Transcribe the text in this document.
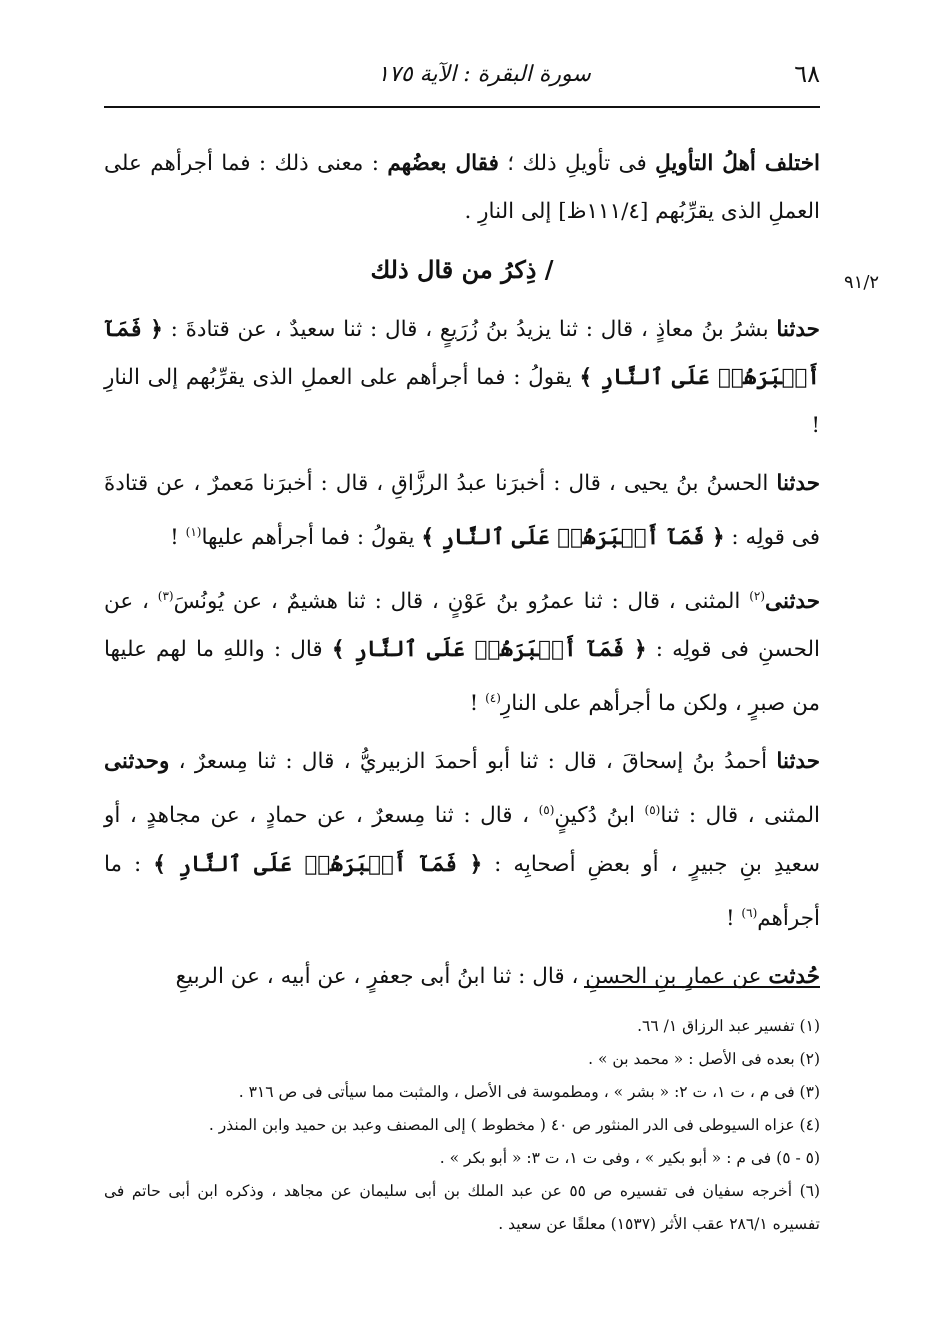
٦٨
سورة البقرة : الآية ١٧٥
٩١/٢

اختلف أهلُ التأويلِ فى تأويلِ ذلك ؛ فقال بعضُهم : معنى ذلك : فما أجرأهم على العملِ الذى يقرِّبُهم [١١١/٤ظ] إلى النارِ .

/ ذِكرُ من قال ذلك

حدثنا بشرُ بنُ معاذٍ ، قال : ثنا يزيدُ بنُ زُرَيعٍ ، قال : ثنا سعيدٌ ، عن قتادةَ : ﴿ فَمَآ أَصۡبَرَهُمۡ عَلَى ٱلنَّارِ ﴾ يقولُ : فما أجرأهم على العملِ الذى يقرِّبُهم إلى النارِ !

حدثنا الحسنُ بنُ يحيى ، قال : أخبرَنا عبدُ الرزَّاقِ ، قال : أخبرَنا مَعمرٌ ، عن قتادةَ فى قولِه : ﴿ فَمَآ أَصۡبَرَهُمۡ عَلَى ٱلنَّارِ ﴾ يقولُ : فما أجرأهم عليها$^{(١)}$ !

حدثنى$^{(٢)}$ المثنى ، قال : ثنا عمرُو بنُ عَوْنٍ ، قال : ثنا هشيمٌ ، عن يُونُسَ$^{(٣)}$ ، عن الحسنِ فى قولِه : ﴿ فَمَآ أَصۡبَرَهُمۡ عَلَى ٱلنَّارِ ﴾ قال : واللهِ ما لهم عليها من صبرٍ ، ولكن ما أجرأهم على النارِ$^{(٤)}$ !

حدثنا أحمدُ بنُ إسحاقَ ، قال : ثنا أبو أحمدَ الزبيريُّ ، قال : ثنا مِسعرٌ ، وحدثنى المثنى ، قال : ثنا$^{(٥)}$ ابنُ دُكينٍ$^{(٥)}$ ، قال : ثنا مِسعرٌ ، عن حمادٍ ، عن مجاهدٍ ، أو سعيدِ بنِ جبيرٍ ، أو بعضِ أصحابِه : ﴿ فَمَآ أَصۡبَرَهُمۡ عَلَى ٱلنَّارِ ﴾ : ما أجرأهم$^{(٦)}$ !

حُدثت عن عمارِ بنِ الحسنِ ، قال : ثنا ابنُ أبى جعفرٍ ، عن أبيه ، عن الربيعِ

(١) تفسير عبد الرزاق ١/ ٦٦.

(٢) بعده فى الأصل : « محمد بن » .

(٣) فى م ، ت ١، ت ٢: « بشر » ، ومطموسة فى الأصل ، والمثبت مما سيأتى فى ص ٣١٦ .

(٤) عزاه السيوطى فى الدر المنثور ص ٤٠ ( مخطوط ) إلى المصنف وعبد بن حميد وابن المنذر .

(٥ - ٥) فى م : « أبو بكير » ، وفى ت ١، ت ٣: « أبو بكر » .

(٦) أخرجه سفيان فى تفسيره ص ٥٥ عن عبد الملك بن أبى سليمان عن مجاهد ، وذكره ابن أبى حاتم فى تفسيره ٢٨٦/١ عقب الأثر (١٥٣٧) معلقًا عن سعيد .
